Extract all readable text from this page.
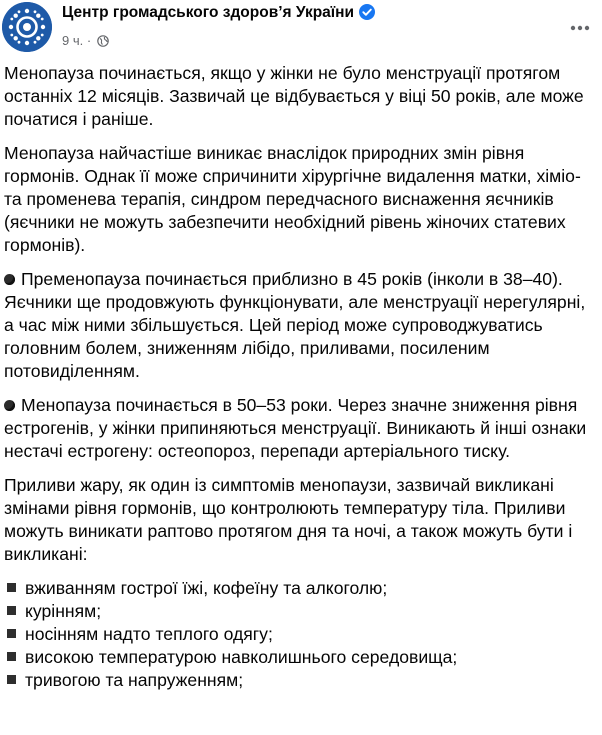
Центр громадського здоров’я України
9 ч. ·

Менопауза починається, якщо у жінки не було менструації протягом останніх 12 місяців. Зазвичай це відбувається у віці 50 років, але може початися і раніше.

Менопауза найчастіше виникає внаслідок природних змін рівня гормонів. Однак її може спричинити хірургічне видалення матки, хіміо- та променева терапія, синдром передчасного виснаження яєчників (яєчники не можуть забезпечити необхідний рівень жіночих статевих гормонів).

Пременопауза починається приблизно в 45 років (інколи в 38–40). Яєчники ще продовжують функціонувати, але менструації нерегулярні, а час між ними збільшується. Цей період може супроводжуватись головним болем, зниженням лібідо, приливами, посиленим потовиділенням.

Менопауза починається в 50–53 роки. Через значне зниження рівня естрогенів, у жінки припиняються менструації. Виникають й інші ознаки нестачі естрогену: остеопороз, перепади артеріального тиску.

Приливи жару, як один із симптомів менопаузи, зазвичай викликані змінами рівня гормонів, що контролюють температуру тіла. Приливи можуть виникати раптово протягом дня та ночі, а також можуть бути і викликані:

вживанням гострої їжі, кофеїну та алкоголю;
курінням;
носінням надто теплого одягу;
високою температурою навколишнього середовища;
тривогою та напруженням;
